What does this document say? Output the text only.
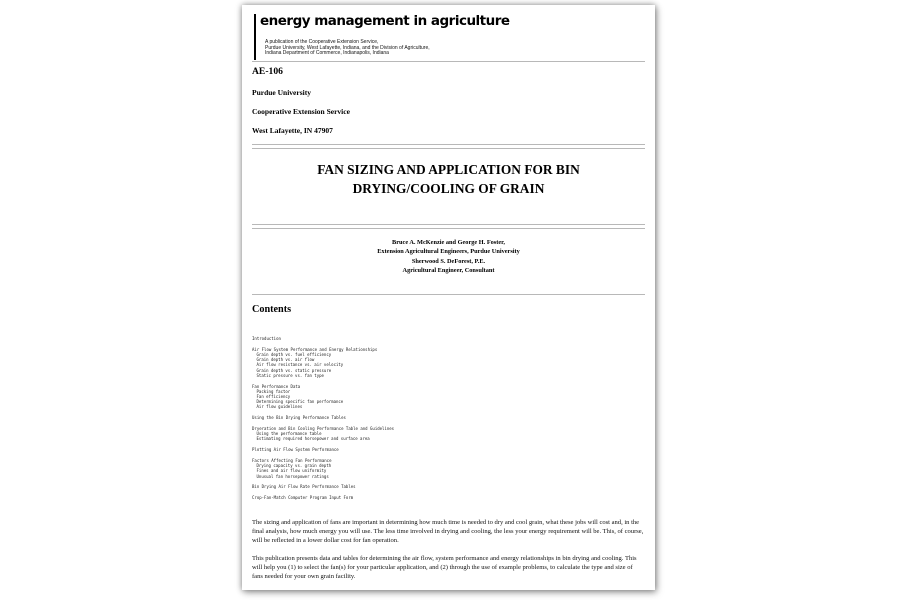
energy management in agriculture
A publication of the Cooperative Extension Service,
Purdue University, West Lafayette, Indiana, and the Division of Agriculture,
Indiana Department of Commerce, Indianapolis, Indiana
AE-106
Purdue University
Cooperative Extension Service
West Lafayette, IN 47907
FAN SIZING AND APPLICATION FOR BIN
DRYING/COOLING OF GRAIN
Bruce A. McKenzie and George H. Foster,
Extension Agricultural Engineers, Purdue University
Sherwood S. DeForest, P.E.
Agricultural Engineer, Consultant
Contents
Introduction
Air Flow System Performance and Energy Relationships
Grain depth vs. fuel efficiency
Grain depth vs. air flow
Air flow resistance vs. air velocity
Grain depth vs. static pressure
Static pressure vs. fan type
Fan Performance Data
Packing factor
Fan efficiency
Determining specific fan performance
Air flow guidelines
Using the Bin Drying Performance Tables
Dryeration and Bin Cooling Performance Table and Guidelines
Using the performance table
Estimating required horsepower and surface area
Plotting Air Flow System Performance
Factors Affecting Fan Performance
Drying capacity vs. grain depth
Fines and air flow uniformity
Unusual fan horsepower ratings
Bin Drying Air Flow Rate Performance Tables
Crop-Fan-Match Computer Program Input Form
The sizing and application of fans are important in determining how much time is needed to dry and cool grain, what these jobs will cost and, in the final analysis, how much energy you will use. The less time involved in drying and cooling, the less your energy requirement will be. This, of course, will be reflected in a lower dollar cost for fan operation.
This publication presents data and tables for determining the air flow, system performance and energy relationships in bin drying and cooling. This will help you (1) to select the fan(s) for your particular application, and (2) through the use of example problems, to calculate the type and size of fans needed for your own grain facility.
